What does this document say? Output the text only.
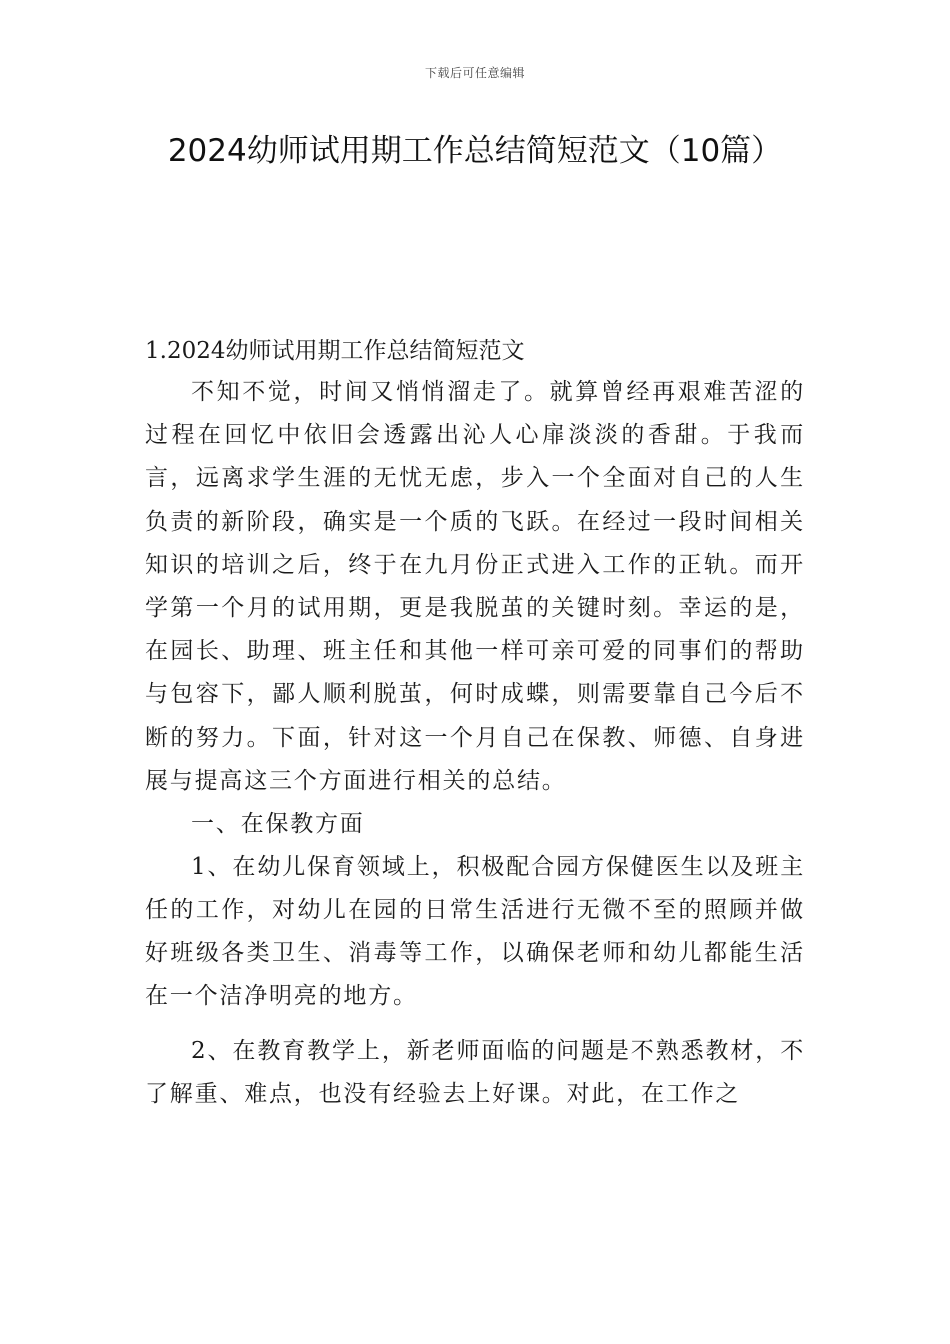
下载后可任意编辑
2024幼师试用期工作总结简短范文（10篇）

1.2024幼师试用期工作总结简短范文

不知不觉，时间又悄悄溜走了。就算曾经再艰难苦涩的过程在回忆中依旧会透露出沁人心扉淡淡的香甜。于我而言，远离求学生涯的无忧无虑，步入一个全面对自己的人生负责的新阶段，确实是一个质的飞跃。在经过一段时间相关知识的培训之后，终于在九月份正式进入工作的正轨。而开学第一个月的试用期，更是我脱茧的关键时刻。幸运的是，在园长、助理、班主任和其他一样可亲可爱的同事们的帮助与包容下，鄙人顺利脱茧，何时成蝶，则需要靠自己今后不断的努力。下面，针对这一个月自己在保教、师德、自身进展与提高这三个方面进行相关的总结。

一、在保教方面

1、在幼儿保育领域上，积极配合园方保健医生以及班主任的工作，对幼儿在园的日常生活进行无微不至的照顾并做好班级各类卫生、消毒等工作，以确保老师和幼儿都能生活在一个洁净明亮的地方。

2、在教育教学上，新老师面临的问题是不熟悉教材，不了解重、难点，也没有经验去上好课。对此，在工作之
